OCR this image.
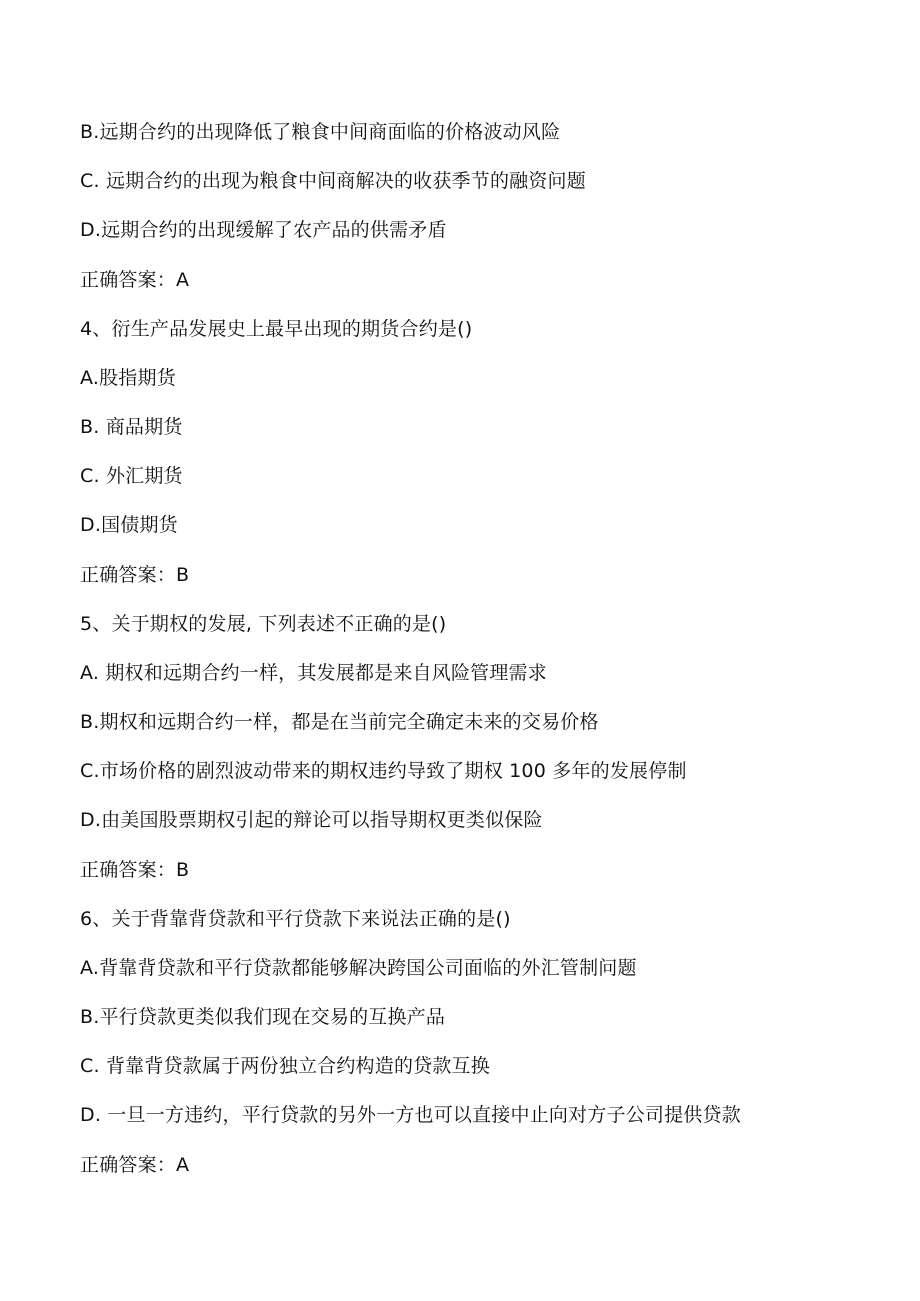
B.远期合约的出现降低了粮食中间商面临的价格波动风险
C. 远期合约的出现为粮食中间商解决的收获季节的融资问题
D.远期合约的出现缓解了农产品的供需矛盾
正确答案：A
4、衍生产品发展史上最早出现的期货合约是()
A.股指期货
B. 商品期货
C. 外汇期货
D.国债期货
正确答案：B
5、关于期权的发展, 下列表述不正确的是()
A. 期权和远期合约一样，其发展都是来自风险管理需求
B.期权和远期合约一样，都是在当前完全确定未来的交易价格
C.市场价格的剧烈波动带来的期权违约导致了期权 100 多年的发展停制
D.由美国股票期权引起的辩论可以指导期权更类似保险
正确答案：B
6、关于背靠背贷款和平行贷款下来说法正确的是()
A.背靠背贷款和平行贷款都能够解决跨国公司面临的外汇管制问题
B.平行贷款更类似我们现在交易的互换产品
C. 背靠背贷款属于两份独立合约构造的贷款互换
D. 一旦一方违约，平行贷款的另外一方也可以直接中止向对方子公司提供贷款
正确答案：A
